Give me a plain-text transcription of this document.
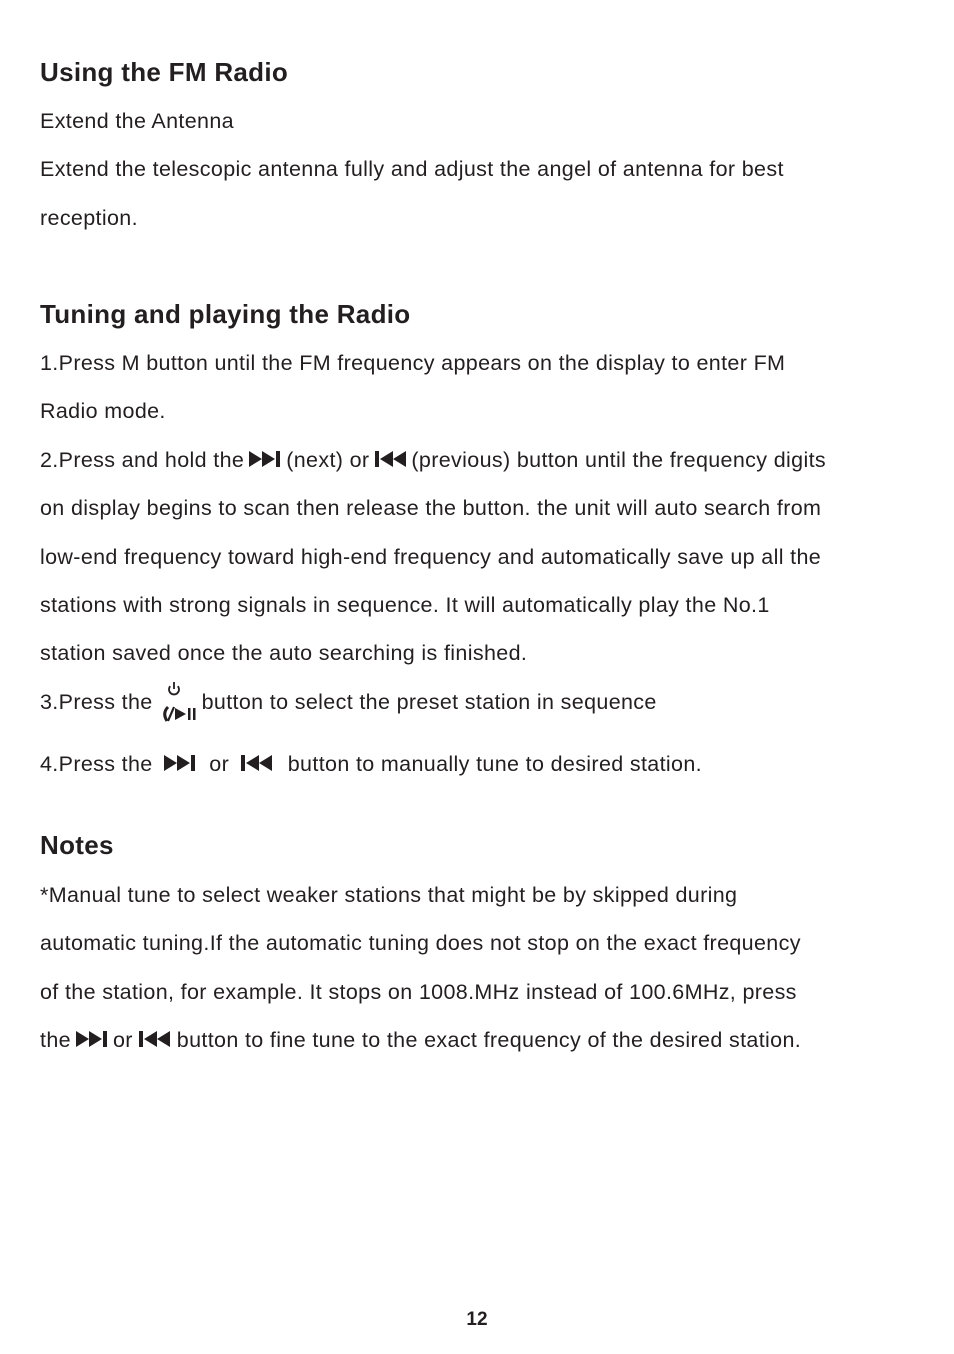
Using the FM Radio

Extend the Antenna

Extend the telescopic antenna fully and adjust the angel of antenna for best

reception.

Tuning and playing the Radio

1.Press M button until the FM frequency appears on the display to enter FM

Radio mode.

2.Press and hold the (next) or (previous) button until the frequency digits

on display begins to scan then release the button. the unit will auto search from

low-end frequency toward high-end frequency and automatically save up all the

stations with strong signals in sequence. It will automatically play the No.1

station saved once the auto searching is finished.

3.Press the button to select the preset station in sequence

4.Press the	or	button to manually tune to desired station.

Notes

*Manual tune to select weaker stations that might be by skipped during

automatic tuning.If the automatic tuning does not stop on the exact frequency

of the station, for example. It stops on 1008.MHz instead of 100.6MHz, press

the or button to fine tune to the exact frequency of the desired station.

12
